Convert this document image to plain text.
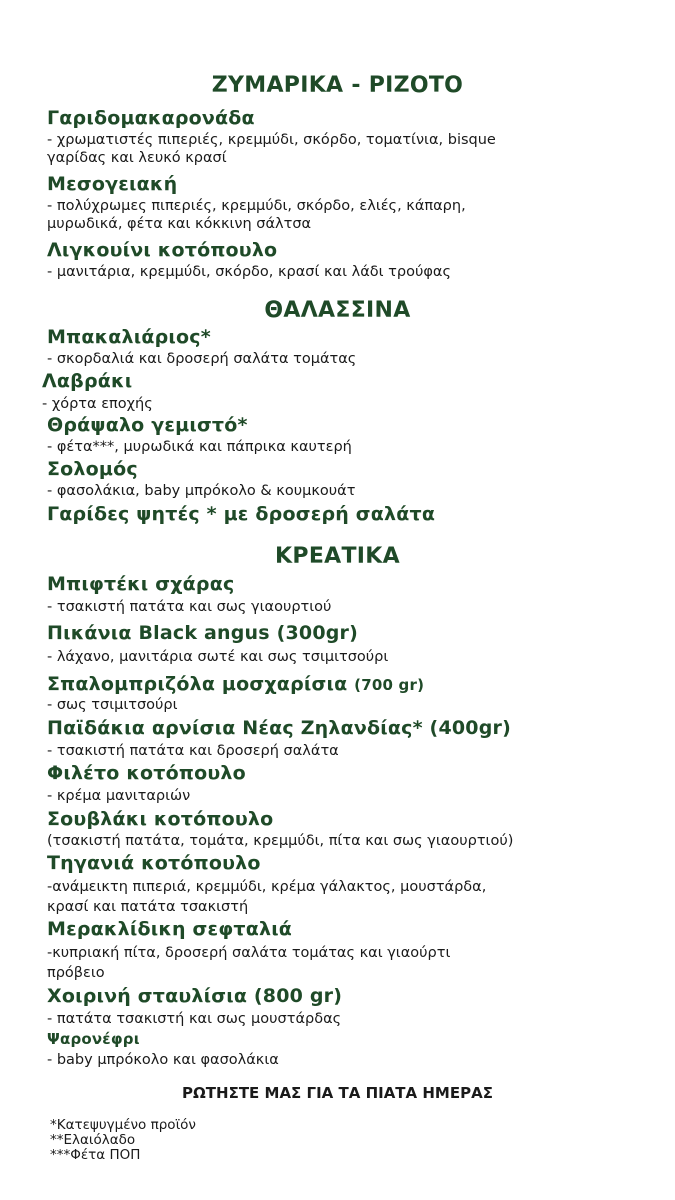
ΖΥΜΑΡΙΚΑ - ΡΙΖΟΤΟ
Γαριδομακαρονάδα
- χρωματιστές πιπεριές, κρεμμύδι, σκόρδο, τοματίνια, bisque
γαρίδας και λευκό κρασί
Μεσογειακή
- πολύχρωμες πιπεριές, κρεμμύδι, σκόρδο, ελιές, κάπαρη,
μυρωδικά, φέτα και κόκκινη σάλτσα
Λιγκουίνι κοτόπουλο
- μανιτάρια, κρεμμύδι, σκόρδο, κρασί και λάδι τρούφας
ΘΑΛΑΣΣΙΝΑ
Μπακαλιάριος*
- σκορδαλιά και δροσερή σαλάτα τομάτας
Λαβράκι
- χόρτα εποχής
Θράψαλο γεμιστό*
- φέτα***, μυρωδικά και πάπρικα καυτερή
Σολομός
- φασολάκια, baby μπρόκολο & κουμκουάτ
Γαρίδες ψητές * με δροσερή σαλάτα
ΚΡΕΑΤΙΚΑ
Μπιφτέκι σχάρας
- τσακιστή πατάτα και σως γιαουρτιού
Πικάνια Black angus (300gr)
- λάχανο, μανιτάρια σωτέ και σως τσιμιτσούρι
Σπαλομπριζόλα μοσχαρίσια (700 gr)
- σως τσιμιτσούρι
Παϊδάκια αρνίσια Νέας Ζηλανδίας* (400gr)
- τσακιστή πατάτα και δροσερή σαλάτα
Φιλέτο κοτόπουλο
- κρέμα μανιταριών
Σουβλάκι κοτόπουλο
(τσακιστή πατάτα, τομάτα, κρεμμύδι, πίτα και σως γιαουρτιού)
Τηγανιά κοτόπουλο
-ανάμεικτη πιπεριά, κρεμμύδι, κρέμα γάλακτος, μουστάρδα,
κρασί και πατάτα τσακιστή
Μερακλίδικη σεφταλιά
-κυπριακή πίτα, δροσερή σαλάτα τομάτας και γιαούρτι
πρόβειο
Χοιρινή σταυλίσια (800 gr)
- πατάτα τσακιστή και σως μουστάρδας
Ψαρονέφρι
- baby μπρόκολο και φασολάκια
ΡΩΤΗΣΤΕ ΜΑΣ ΓΙΑ ΤΑ ΠΙΑΤΑ ΗΜΕΡΑΣ
*Κατεψυγμένο προϊόν
**Ελαιόλαδο
***Φέτα ΠΟΠ
